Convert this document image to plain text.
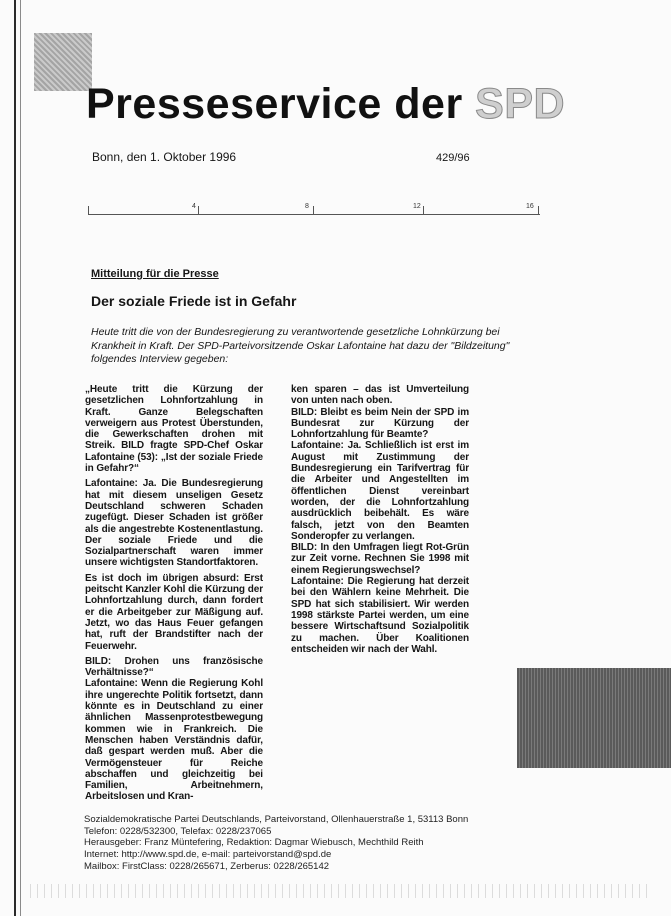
Presseservice der SPD
Bonn, den 1. Oktober 1996	429/96
4	8	12	16
Mitteilung für die Presse
Der soziale Friede ist in Gefahr
Heute tritt die von der Bundesregierung zu verantwortende gesetzliche Lohnkürzung bei Krankheit in Kraft. Der SPD-Parteivorsitzende Oskar Lafontaine hat dazu der "Bildzeitung" folgendes Interview gegeben:

„Heute tritt die Kürzung der gesetzlichen Lohnfortzahlung in Kraft. Ganze Belegschaften verweigern aus Protest Überstunden, die Gewerkschaften drohen mit Streik. BILD fragte SPD-Chef Oskar Lafontaine (53): „Ist der soziale Friede in Gefahr?“

Lafontaine: Ja. Die Bundesregierung hat mit diesem unseligen Gesetz Deutschland schweren Schaden zugefügt. Dieser Schaden ist größer als die angestrebte Kostenentlastung. Der soziale Friede und die Sozialpartnerschaft waren immer unsere wichtigsten Standortfaktoren.

Es ist doch im übrigen absurd: Erst peitscht Kanzler Kohl die Kürzung der Lohnfortzahlung durch, dann fordert er die Arbeitgeber zur Mäßigung auf. Jetzt, wo das Haus Feuer gefangen hat, ruft der Brandstifter nach der Feuerwehr.

BILD: Drohen uns französische Verhältnisse?“

Lafontaine: Wenn die Regierung Kohl ihre ungerechte Politik fortsetzt, dann könnte es in Deutschland zu einer ähnlichen Massenprotestbewegung kommen wie in Frankreich. Die Menschen haben Verständnis dafür, daß gespart werden muß. Aber die Vermögensteuer für Reiche abschaffen und gleichzeitig bei Familien, Arbeitnehmern, Arbeitslosen und Kran-

ken sparen – das ist Umverteilung von unten nach oben.

BILD: Bleibt es beim Nein der SPD im Bundesrat zur Kürzung der Lohnfortzahlung für Beamte?

Lafontaine: Ja. Schließlich ist erst im August mit Zustimmung der Bundesregierung ein Tarifvertrag für die Arbeiter und Angestellten im öffentlichen Dienst vereinbart worden, der die Lohnfortzahlung ausdrücklich beibehält. Es wäre falsch, jetzt von den Beamten Sonderopfer zu verlangen.

BILD: In den Umfragen liegt Rot-Grün zur Zeit vorne. Rechnen Sie 1998 mit einem Regierungswechsel?

Lafontaine: Die Regierung hat derzeit bei den Wählern keine Mehrheit. Die SPD hat sich stabilisiert. Wir werden 1998 stärkste Partei werden, um eine bessere Wirtschaftsund Sozialpolitik zu machen. Über Koalitionen entscheiden wir nach der Wahl.

Sozialdemokratische Partei Deutschlands, Parteivorstand, Ollenhauerstraße 1, 53113 Bonn

Telefon: 0228/532300, Telefax: 0228/237065

Herausgeber: Franz Müntefering, Redaktion: Dagmar Wiebusch, Mechthild Reith

Internet: http://www.spd.de, e-mail: parteivorstand@spd.de

Mailbox: FirstClass: 0228/265671, Zerberus: 0228/265142
